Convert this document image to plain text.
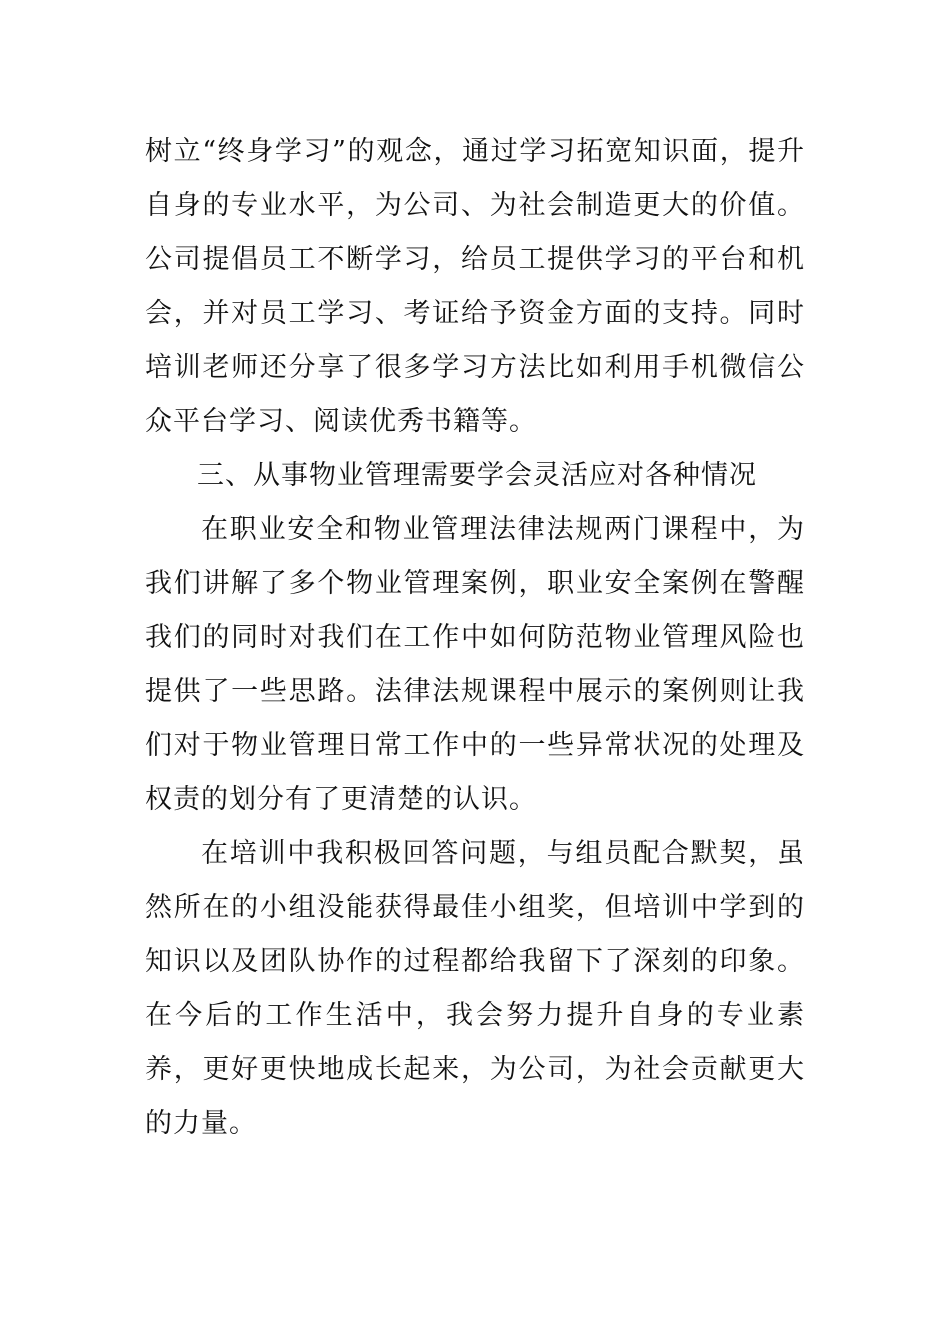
树立“终身学习”的观念，通过学习拓宽知识面，提升自身的专业水平，为公司、为社会制造更大的价值。公司提倡员工不断学习，给员工提供学习的平台和机会，并对员工学习、考证给予资金方面的支持。同时培训老师还分享了很多学习方法比如利用手机微信公众平台学习、阅读优秀书籍等。

三、从事物业管理需要学会灵活应对各种情况

在职业安全和物业管理法律法规两门课程中，为我们讲解了多个物业管理案例，职业安全案例在警醒我们的同时对我们在工作中如何防范物业管理风险也提供了一些思路。法律法规课程中展示的案例则让我们对于物业管理日常工作中的一些异常状况的处理及权责的划分有了更清楚的认识。

在培训中我积极回答问题，与组员配合默契，虽然所在的小组没能获得最佳小组奖，但培训中学到的知识以及团队协作的过程都给我留下了深刻的印象。在今后的工作生活中，我会努力提升自身的专业素养，更好更快地成长起来，为公司，为社会贡献更大的力量。
